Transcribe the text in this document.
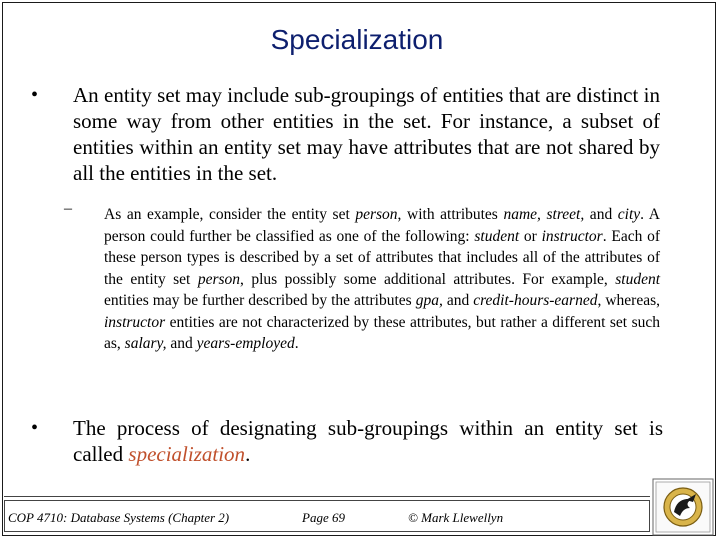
Specialization
• An entity set may include sub-groupings of entities that are distinct in some way from other entities in the set. For instance, a subset of entities within an entity set may have attributes that are not shared by all the entities in the set.
– As an example, consider the entity set person, with attributes name, street, and city. A person could further be classified as one of the following: student or instructor. Each of these person types is described by a set of attributes that includes all of the attributes of the entity set person, plus possibly some additional attributes. For example, student entities may be further described by the attributes gpa, and credit-hours-earned, whereas, instructor entities are not characterized by these attributes, but rather a different set such as, salary, and years-employed.
• The process of designating sub-groupings within an entity set is called specialization.
COP 4710: Database Systems (Chapter 2)	Page 69	© Mark Llewellyn
